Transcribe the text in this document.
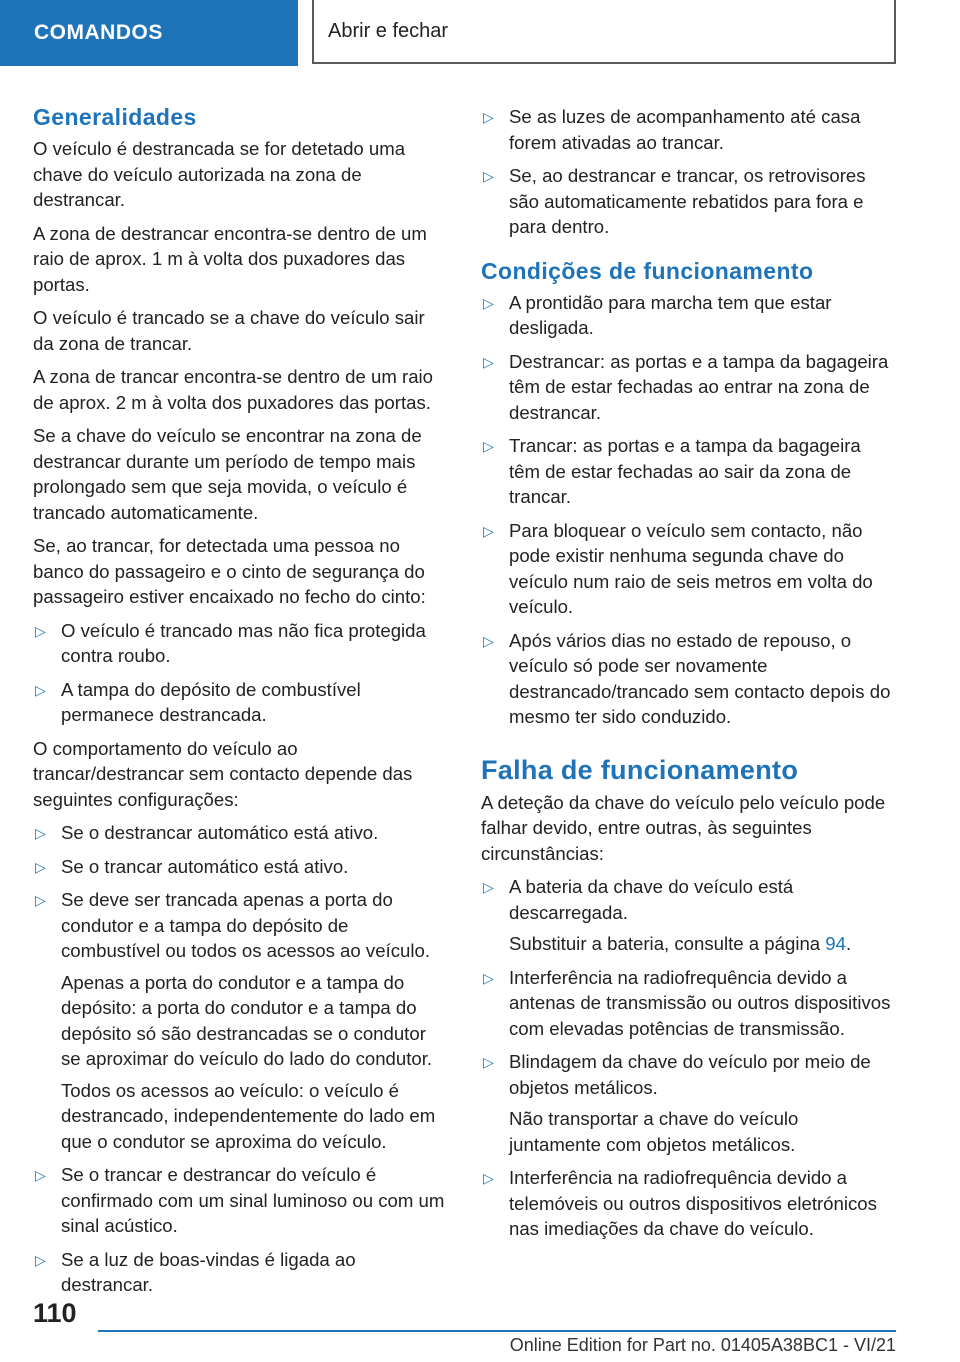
COMANDOS	Abrir e fechar
Generalidades

O veículo é destrancada se for detetado uma chave do veículo autorizada na zona de destrancar.

A zona de destrancar encontra-se dentro de um raio de aprox. 1 m à volta dos puxadores das portas.

O veículo é trancado se a chave do veículo sair da zona de trancar.

A zona de trancar encontra-se dentro de um raio de aprox. 2 m à volta dos puxadores das portas.

Se a chave do veículo se encontrar na zona de destrancar durante um período de tempo mais prolongado sem que seja movida, o veículo é trancado automaticamente.

Se, ao trancar, for detectada uma pessoa no banco do passageiro e o cinto de segurança do passageiro estiver encaixado no fecho do cinto:

▷ O veículo é trancado mas não fica protegida contra roubo.
▷ A tampa do depósito de combustível permanece destrancada.

O comportamento do veículo ao trancar/destrancar sem contacto depende das seguintes configurações:

▷ Se o destrancar automático está ativo.
▷ Se o trancar automático está ativo.
▷ Se deve ser trancada apenas a porta do condutor e a tampa do depósito de combustível ou todos os acessos ao veículo.
Apenas a porta do condutor e a tampa do depósito: a porta do condutor e a tampa do depósito só são destrancadas se o condutor se aproximar do veículo do lado do condutor.
Todos os acessos ao veículo: o veículo é destrancado, independentemente do lado em que o condutor se aproxima do veículo.
▷ Se o trancar e destrancar do veículo é confirmado com um sinal luminoso ou com um sinal acústico.
▷ Se a luz de boas-vindas é ligada ao destrancar.
▷ Se as luzes de acompanhamento até casa forem ativadas ao trancar.
▷ Se, ao destrancar e trancar, os retrovisores são automaticamente rebatidos para fora e para dentro.
Condições de funcionamento
▷ A prontidão para marcha tem que estar desligada.
▷ Destrancar: as portas e a tampa da bagageira têm de estar fechadas ao entrar na zona de destrancar.
▷ Trancar: as portas e a tampa da bagageira têm de estar fechadas ao sair da zona de trancar.
▷ Para bloquear o veículo sem contacto, não pode existir nenhuma segunda chave do veículo num raio de seis metros em volta do veículo.
▷ Após vários dias no estado de repouso, o veículo só pode ser novamente destrancado/trancado sem contacto depois do mesmo ter sido conduzido.
Falha de funcionamento

A deteção da chave do veículo pelo veículo pode falhar devido, entre outras, às seguintes circunstâncias:

▷ A bateria da chave do veículo está descarregada.
Substituir a bateria, consulte a página 94.
▷ Interferência na radiofrequência devido a antenas de transmissão ou outros dispositivos com elevadas potências de transmissão.
▷ Blindagem da chave do veículo por meio de objetos metálicos.
Não transportar a chave do veículo juntamente com objetos metálicos.
▷ Interferência na radiofrequência devido a telemóveis ou outros dispositivos eletrónicos nas imediações da chave do veículo.
110
Online Edition for Part no. 01405A38BC1 - VI/21
